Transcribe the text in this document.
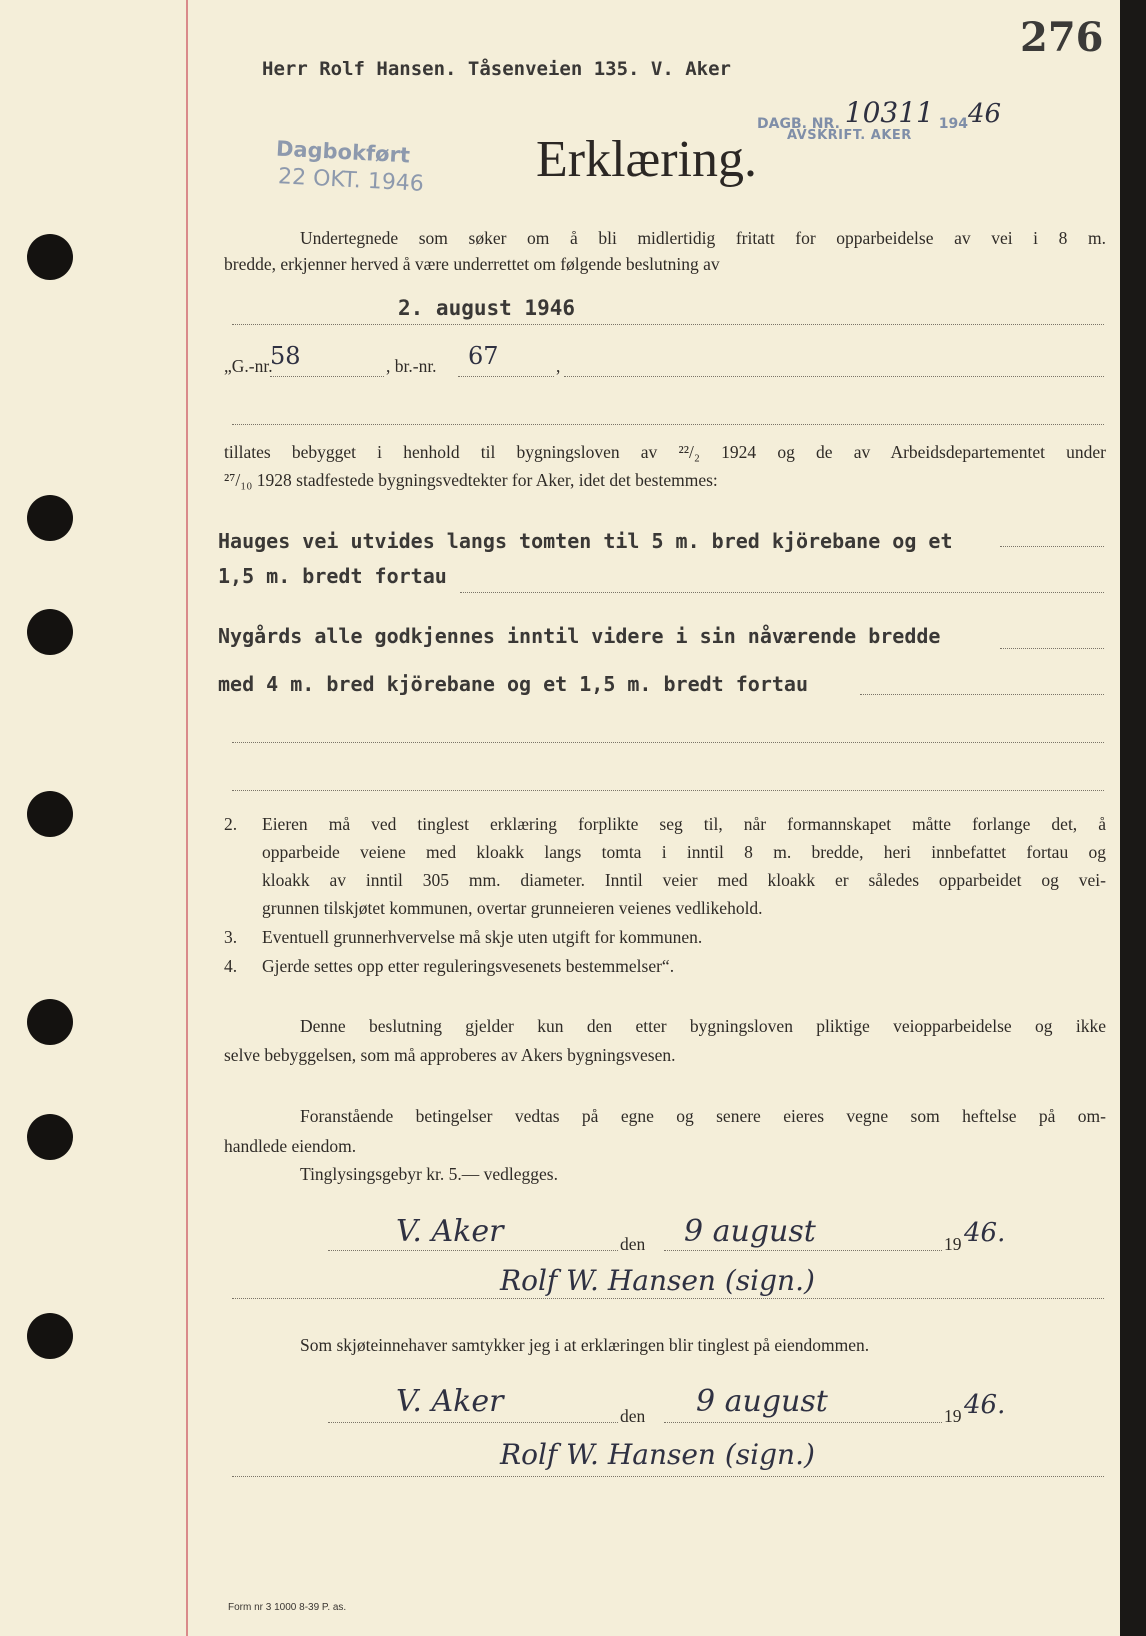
276
Herr Rolf Hansen. Tåsenveien 135. V. Aker
DAGB. NR. 10311 19446
AVSKRIFT. AKER
Dagbokført
22 OKT. 1946 Erklæring.
Undertegnede som søker om å bli midlertidig fritatt for opparbeidelse av vei i 8 m.
bredde, erkjenner herved å være underrettet om følgende beslutning av
2. august 1946
„G.-nr.
58	, br.-nr. 67	,
tillates bebygget i henhold til bygningsloven av ²²/₂ 1924 og de av Arbeidsdepartementet under
²⁷/₁₀ 1928 stadfestede bygningsvedtekter for Aker, idet det bestemmes:
Hauges vei utvides langs tomten til 5 m. bred kjörebane og et
1,5 m. bredt fortau
Nygårds alle godkjennes inntil videre i sin nåværende bredde
med 4 m. bred kjörebane og et 1,5 m. bredt fortau
2. Eieren må ved tinglest erklæring forplikte seg til, når formannskapet måtte forlange det, å
opparbeide veiene med kloakk langs tomta i inntil 8 m. bredde, heri innbefattet fortau og
kloakk av inntil 305 mm. diameter. Inntil veier med kloakk er således opparbeidet og vei-
grunnen tilskjøtet kommunen, overtar grunneieren veienes vedlikehold.
3. Eventuell grunnerhvervelse må skje uten utgift for kommunen.
4. Gjerde settes opp etter reguleringsvesenets bestemmelser“.
Denne beslutning gjelder kun den etter bygningsloven pliktige veiopparbeidelse og ikke
selve bebyggelsen, som må approberes av Akers bygningsvesen.
Foranstående betingelser vedtas på egne og senere eieres vegne som heftelse på om-
handlede eiendom.
Tinglysingsgebyr kr. 5.— vedlegges.
V. Aker	den 9 august	19 46.
Rolf W. Hansen (sign.)
Som skjøteinnehaver samtykker jeg i at erklæringen blir tinglest på eiendommen.
V. Aker	den 9 august	19 46.
Rolf W. Hansen (sign.)
Form nr 3 1000 8-39 P. as.
